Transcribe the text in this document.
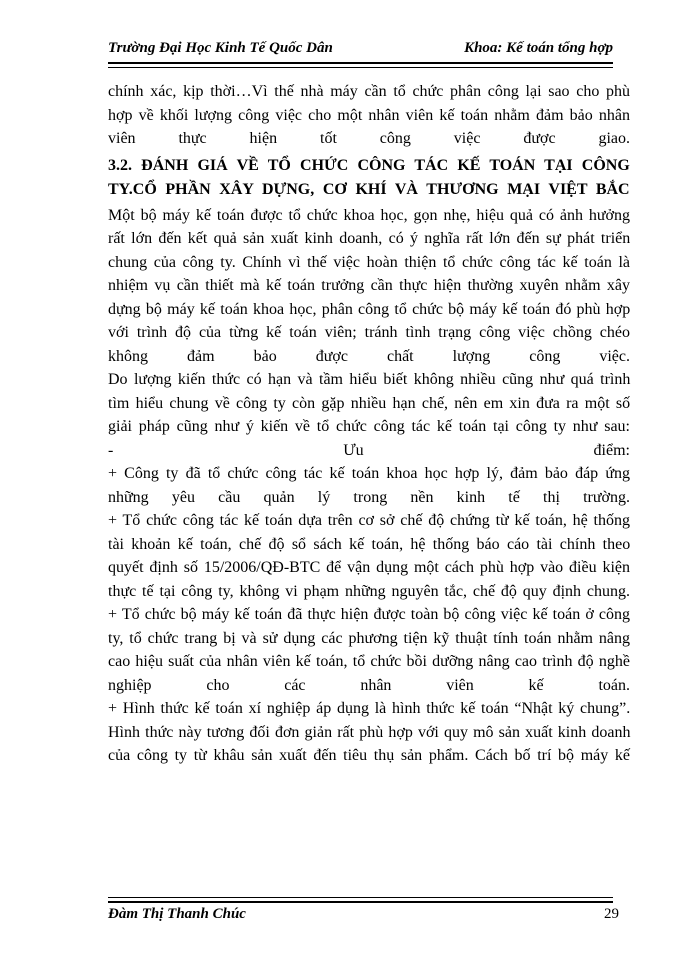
Trường Đại Học Kinh Tế Quốc Dân	Khoa: Kế toán tổng hợp
chính xác, kịp thời…Vì thế nhà máy cần tổ chức phân công lại sao cho phù
hợp về khối lượng công việc cho một nhân viên kế toán nhằm đảm bảo nhân
viên thực hiện tốt công việc được giao.
3.2. ĐÁNH GIÁ VỀ TỔ CHỨC CÔNG TÁC KẾ TOÁN TẠI CÔNG
TY.CỔ PHẦN XÂY DỰNG, CƠ KHÍ VÀ THƯƠNG MẠI VIỆT BẮC
Một bộ máy kế toán được tổ chức khoa học, gọn nhẹ, hiệu quả có ảnh hưởng
rất lớn đến kết quả sản xuất kinh doanh, có ý nghĩa rất lớn đến sự phát triển
chung của công ty. Chính vì thế việc hoàn thiện tổ chức công tác kế toán là
nhiệm vụ cần thiết mà kế toán trưởng cần thực hiện thường xuyên nhằm xây
dựng bộ máy kế toán khoa học, phân công tổ chức bộ máy kế toán đó phù hợp
với trình độ của từng kế toán viên; tránh tình trạng công việc chồng chéo
không đảm bảo được chất lượng công việc.
Do lượng kiến thức có hạn và tầm hiểu biết không nhiều cũng như quá trình
tìm hiểu chung về công ty còn gặp nhiều hạn chế, nên em xin đưa ra một số
giải pháp cũng như ý kiến về tổ chức công tác kế toán tại công ty như sau:
- Ưu điểm:
+ Công ty đã tổ chức công tác kế toán khoa học hợp lý, đảm bảo đáp ứng
những yêu cầu quản lý trong nền kinh tế thị trường.
+ Tổ chức công tác kế toán dựa trên cơ sở chế độ chứng từ kế toán, hệ thống
tài khoản kế toán, chế độ sổ sách kế toán, hệ thống báo cáo tài chính theo
quyết định số 15/2006/QĐ-BTC để vận dụng một cách phù hợp vào điều kiện
thực tế tại công ty, không vi phạm những nguyên tắc, chế độ quy định chung.
+ Tổ chức bộ máy kế toán đã thực hiện được toàn bộ công việc kế toán ở công
ty, tổ chức trang bị và sử dụng các phương tiện kỹ thuật tính toán nhằm nâng
cao hiệu suất của nhân viên kế toán, tổ chức bồi dưỡng nâng cao trình độ nghề
nghiệp cho các nhân viên kế toán.
+ Hình thức kế toán xí nghiệp áp dụng là hình thức kế toán “Nhật ký chung”.
Hình thức này tương đối đơn giản rất phù hợp với quy mô sản xuất kinh doanh
của công ty từ khâu sản xuất đến tiêu thụ sản phẩm. Cách bố trí bộ máy kế
Đàm Thị Thanh Chúc	29
